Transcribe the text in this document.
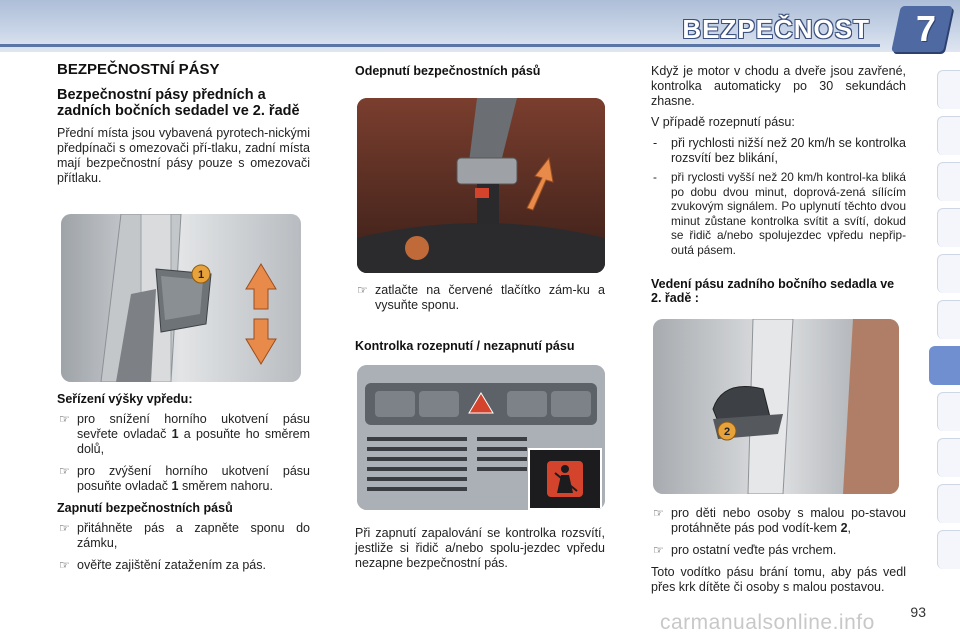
BEZPEČNOST 7
BEZPEČNOSTNÍ PÁSY
Bezpečnostní pásy předních a zadních bočních sedadel ve 2. řadě

Přední místa jsou vybavená pyrotech-nickými předpínači s omezovači pří-tlaku, zadní místa mají bezpečnostní pásy pouze s omezovači přítlaku.

1
Seřízení výšky vpředu:
☞ pro snížení horního ukotvení pásu sevřete ovladač 1 a posuňte ho směrem dolů,
☞ pro zvýšení horního ukotvení pásu posuňte ovladač 1 směrem nahoru.
Zapnutí bezpečnostních pásů
☞ přitáhněte pás a zapněte sponu do zámku,
☞ ověřte zajištění zatažením za pás.
Odepnutí bezpečnostních pásů
☞ zatlačte na červené tlačítko zám-ku a vysuňte sponu.
Kontrolka rozepnutí / nezapnutí pásu

Při zapnutí zapalování se kontrolka rozsvítí, jestliže si řidič a/nebo spolu-jezdec vpředu nezapne bezpečnostní pás.

Když je motor v chodu a dveře jsou zavřené, kontrolka automaticky po 30 sekundách zhasne.

V případě rozepnutí pásu:

- při rychlosti nižší než 20 km/h se kontrolka rozsvítí bez blikání,
- při ryclosti vyšší než 20 km/h kontrol-ka bliká po dobu dvou minut, doprová-zená sílícím zvukovým signálem. Po uplynutí těchto dvou minut zůstane kontrolka svítit a svítí, dokud se řidič a/nebo spolujezdec vpředu nepřip-outá pásem.
Vedení pásu zadního bočního sedadla ve 2. řadě :
2
☞ pro děti nebo osoby s malou po-stavou protáhněte pás pod vodít-kem 2,
☞ pro ostatní veďte pás vrchem.

Toto vodítko pásu brání tomu, aby pás vedl přes krk dítěte či osoby s malou postavou.

93
carmanualsonline.info
